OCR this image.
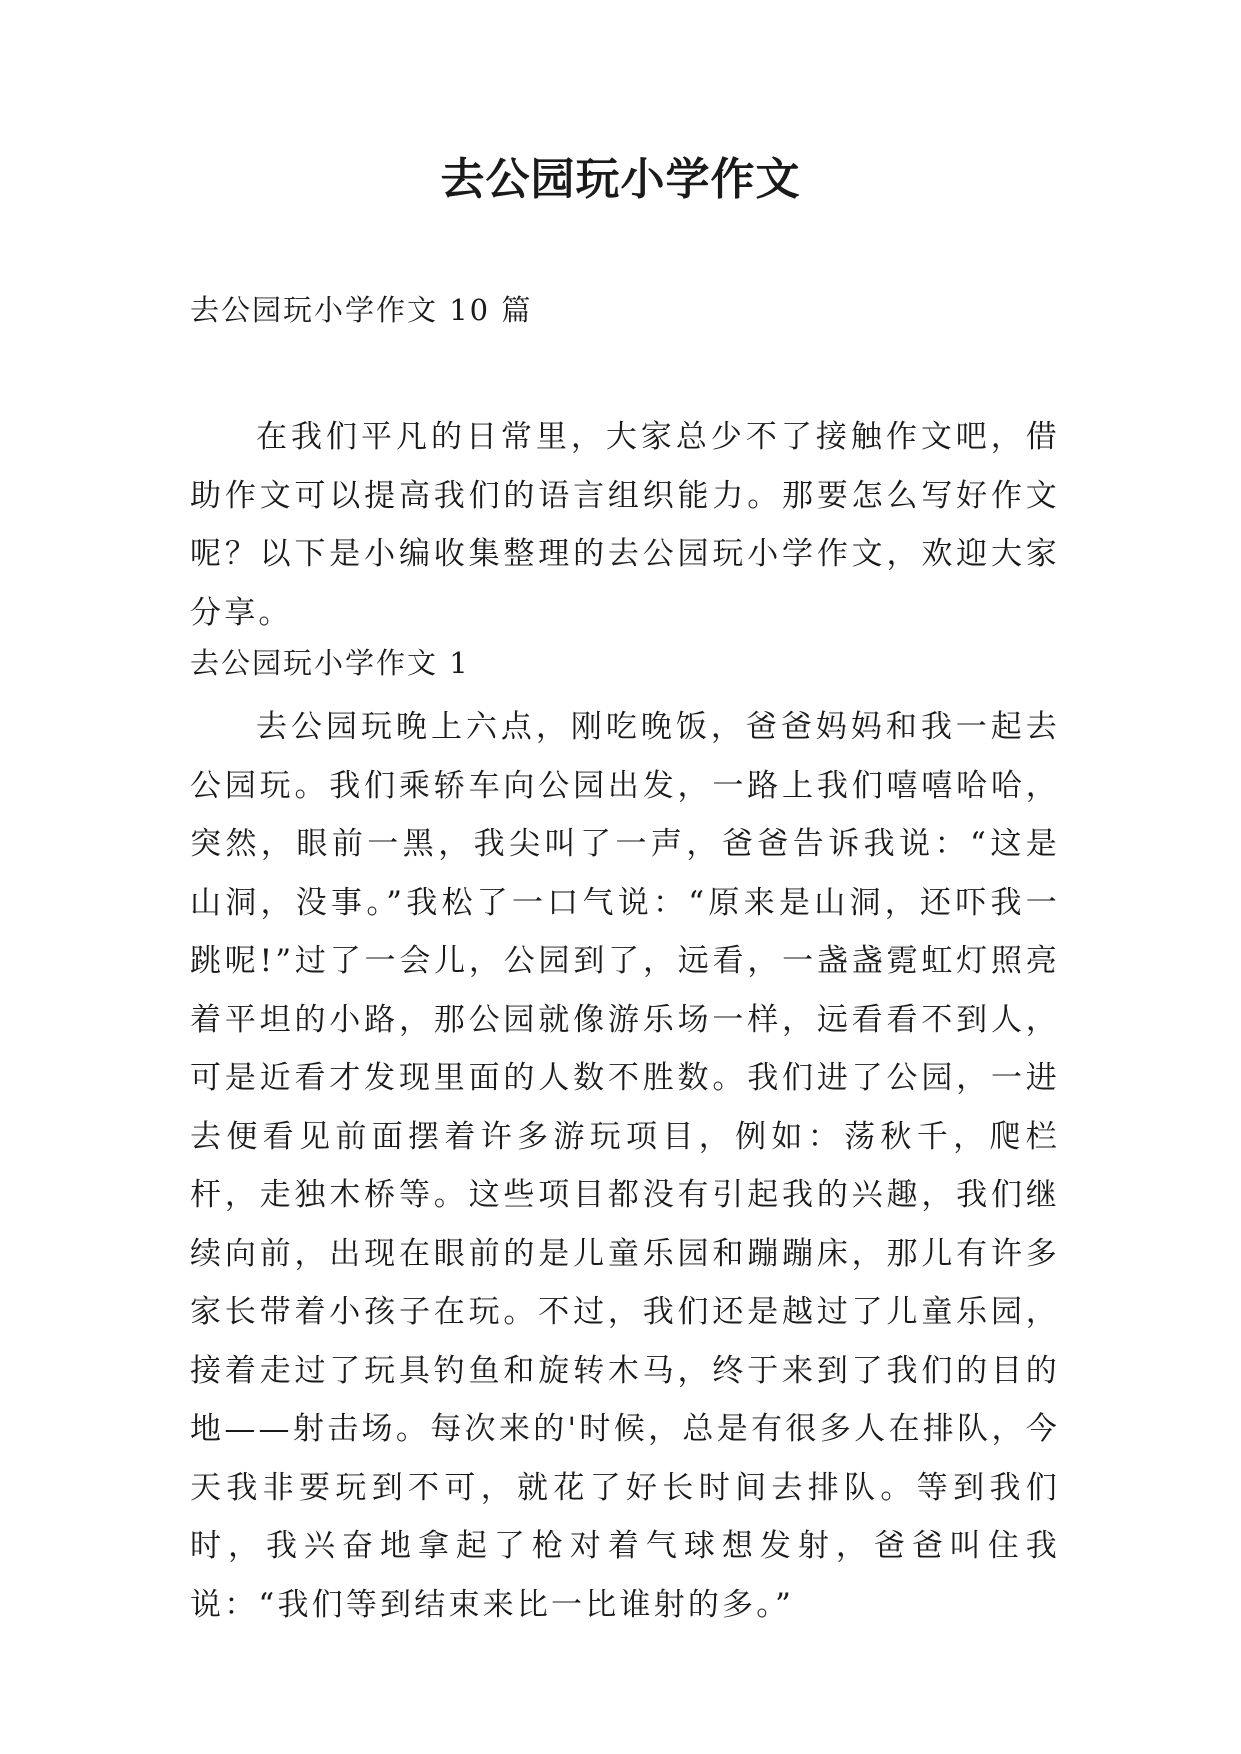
去公园玩小学作文
去公园玩小学作文 10 篇

在我们平凡的日常里，大家总少不了接触作文吧，借助作文可以提高我们的语言组织能力。那要怎么写好作文呢？以下是小编收集整理的去公园玩小学作文，欢迎大家分享。

去公园玩小学作文 1

去公园玩晚上六点，刚吃晚饭，爸爸妈妈和我一起去公园玩。我们乘轿车向公园出发，一路上我们嘻嘻哈哈，突然，眼前一黑，我尖叫了一声，爸爸告诉我说：“这是山洞，没事。”我松了一口气说：“原来是山洞，还吓我一跳呢!”过了一会儿，公园到了，远看，一盏盏霓虹灯照亮着平坦的小路，那公园就像游乐场一样，远看看不到人，可是近看才发现里面的人数不胜数。我们进了公园，一进去便看见前面摆着许多游玩项目，例如：荡秋千，爬栏杆，走独木桥等。这些项目都没有引起我的兴趣，我们继续向前，出现在眼前的是儿童乐园和蹦蹦床，那儿有许多家长带着小孩子在玩。不过，我们还是越过了儿童乐园，接着走过了玩具钓鱼和旋转木马，终于来到了我们的目的地——射击场。每次来的'时候，总是有很多人在排队，今天我非要玩到不可，就花了好长时间去排队。等到我们时，我兴奋地拿起了枪对着气球想发射，爸爸叫住我说：“我们等到结束来比一比谁射的多。”
